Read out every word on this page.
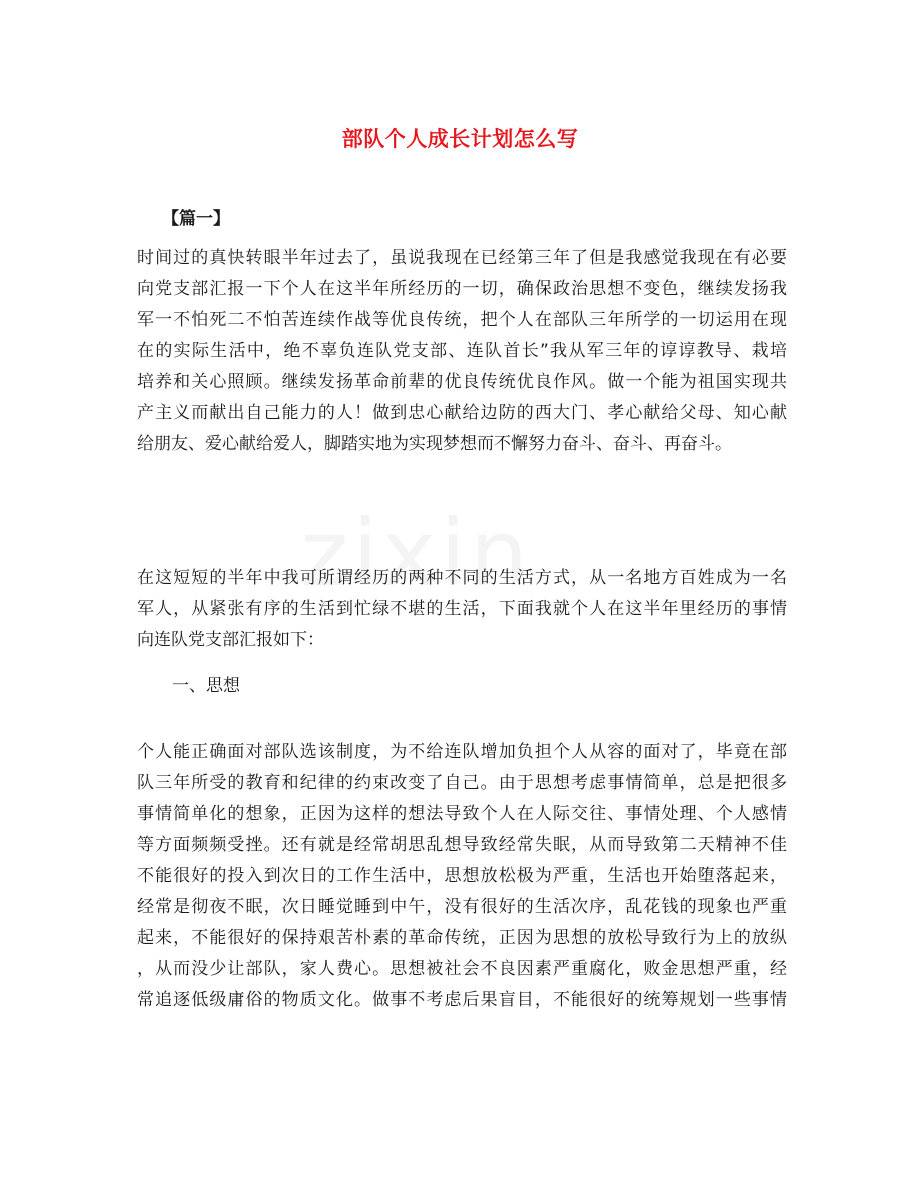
部队个人成长计划怎么写
【篇一】
时间过的真快转眼半年过去了，虽说我现在已经第三年了但是我感觉我现在有必要
向党支部汇报一下个人在这半年所经历的一切，确保政治思想不变色，继续发扬我
军一不怕死二不怕苦连续作战等优良传统，把个人在部队三年所学的一切运用在现
在的实际生活中，绝不辜负连队党支部、连队首长”我从军三年的谆谆教导、栽培
培养和关心照顾。继续发扬革命前辈的优良传统优良作风。做一个能为祖国实现共
产主义而献出自己能力的人！做到忠心献给边防的西大门、孝心献给父母、知心献
给朋友、爱心献给爱人，脚踏实地为实现梦想而不懈努力奋斗、奋斗、再奋斗。
在这短短的半年中我可所谓经历的两种不同的生活方式，从一名地方百姓成为一名
军人，从紧张有序的生活到忙绿不堪的生活，下面我就个人在这半年里经历的事情
向连队党支部汇报如下：
一、思想
个人能正确面对部队选该制度，为不给连队增加负担个人从容的面对了，毕竟在部
队三年所受的教育和纪律的约束改变了自己。由于思想考虑事情简单，总是把很多
事情简单化的想象，正因为这样的想法导致个人在人际交往、事情处理、个人感情
等方面频频受挫。还有就是经常胡思乱想导致经常失眠，从而导致第二天精神不佳
不能很好的投入到次日的工作生活中，思想放松极为严重，生活也开始堕落起来，
经常是彻夜不眠，次日睡觉睡到中午，没有很好的生活次序，乱花钱的现象也严重
起来，不能很好的保持艰苦朴素的革命传统，正因为思想的放松导致行为上的放纵
，从而没少让部队，家人费心。思想被社会不良因素严重腐化，败金思想严重，经
常追逐低级庸俗的物质文化。做事不考虑后果盲目，不能很好的统筹规划一些事情
